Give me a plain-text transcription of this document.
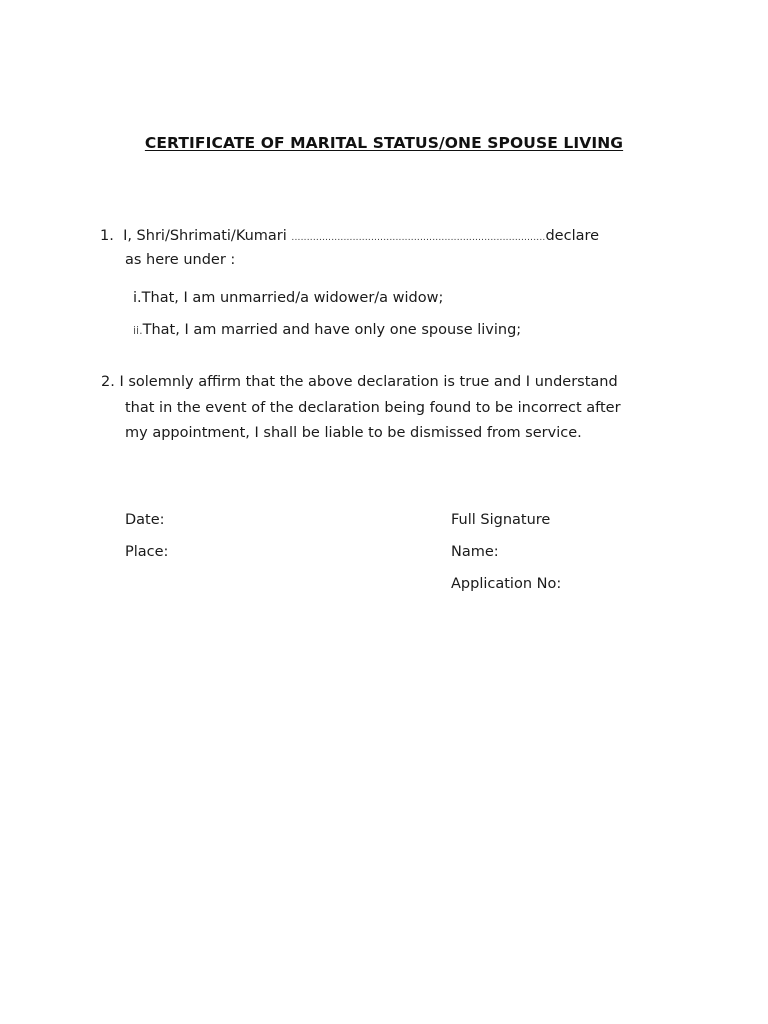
CERTIFICATE OF MARITAL STATUS/ONE SPOUSE LIVING
1. I, Shri/Shrimati/Kumari ...................................................................................declare
as here under :
i.That, I am unmarried/a widower/a widow;
ii.That, I am married and have only one spouse living;
2. I solemnly affirm that the above declaration is true and I understand
that in the event of the declaration being found to be incorrect after
my appointment, I shall be liable to be dismissed from service.
Date:
Place:
Full Signature
Name:
Application No:
